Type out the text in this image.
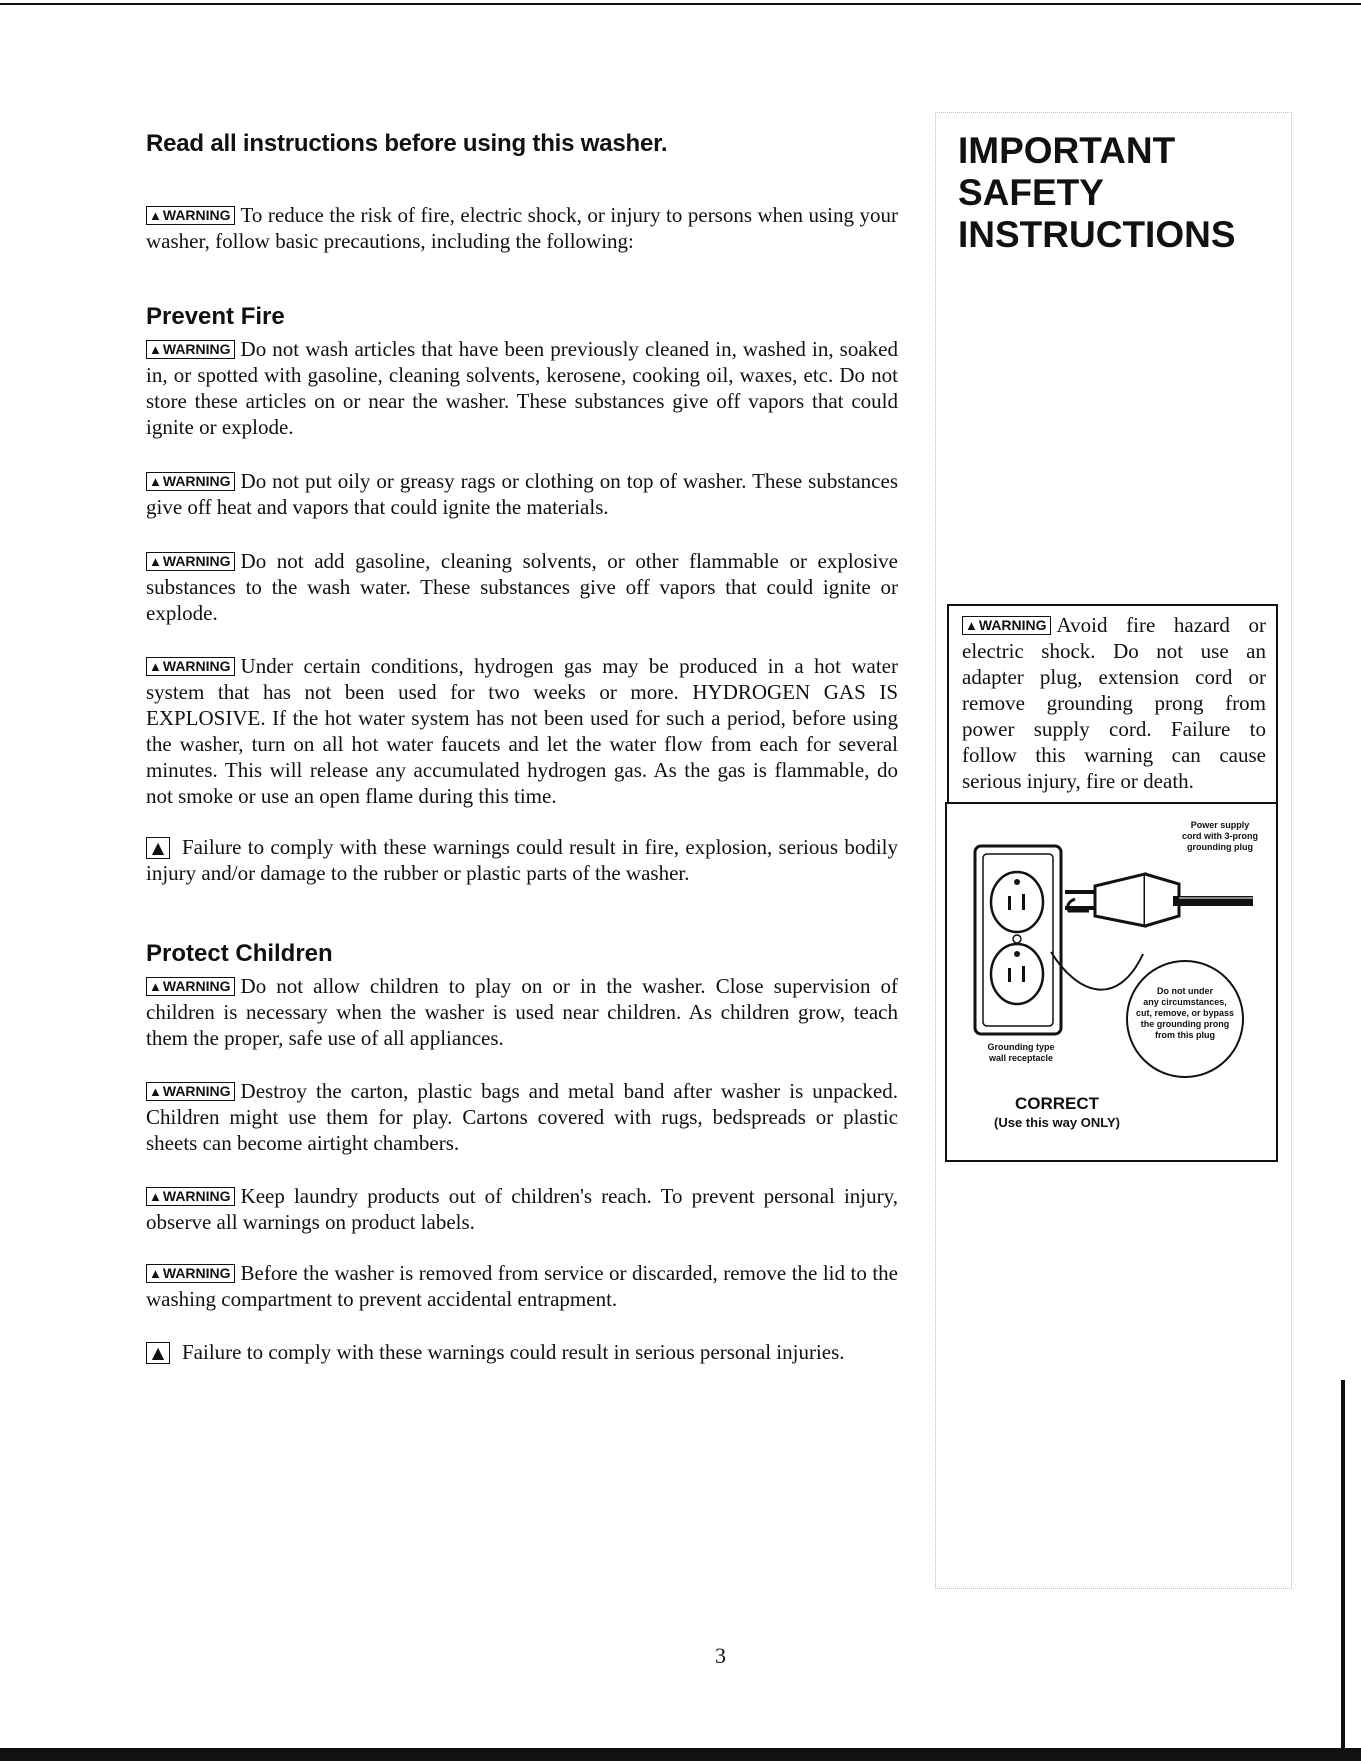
Read all instructions before using this washer.

▲ WARNING To reduce the risk of fire, electric shock, or injury to persons when using your washer, follow basic precautions, including the following:

Prevent Fire

▲ WARNING Do not wash articles that have been previously cleaned in, washed in, soaked in, or spotted with gasoline, cleaning solvents, kerosene, cooking oil, waxes, etc. Do not store these articles on or near the washer. These substances give off vapors that could ignite or explode.

▲ WARNING Do not put oily or greasy rags or clothing on top of washer. These substances give off heat and vapors that could ignite the materials.

▲ WARNING Do not add gasoline, cleaning solvents, or other flammable or explosive substances to the wash water. These substances give off vapors that could ignite or explode.

▲ WARNING Under certain conditions, hydrogen gas may be produced in a hot water system that has not been used for two weeks or more. HYDROGEN GAS IS EXPLOSIVE. If the hot water system has not been used for such a period, before using the washer, turn on all hot water faucets and let the water flow from each for several minutes. This will release any accumulated hydrogen gas. As the gas is flammable, do not smoke or use an open flame during this time.

▲ Failure to comply with these warnings could result in fire, explosion, serious bodily injury and/or damage to the rubber or plastic parts of the washer.

Protect Children

▲ WARNING Do not allow children to play on or in the washer. Close supervision of children is necessary when the washer is used near children. As children grow, teach them the proper, safe use of all appliances.

▲ WARNING Destroy the carton, plastic bags and metal band after washer is unpacked. Children might use them for play. Cartons covered with rugs, bedspreads or plastic sheets can become airtight chambers.

▲ WARNING Keep laundry products out of children's reach. To prevent personal injury, observe all warnings on product labels.

▲ WARNING Before the washer is removed from service or discarded, remove the lid to the washing compartment to prevent accidental entrapment.

▲ Failure to comply with these warnings could result in serious personal injuries.

IMPORTANT
SAFETY
INSTRUCTIONS

▲ WARNING Avoid fire hazard or electric shock. Do not use an adapter plug, extension cord or remove grounding prong from power supply cord. Failure to follow this warning can cause serious injury, fire or death.

Power supply
cord with 3-prong
grounding plug
Do not under
any circumstances,
cut, remove, or bypass
the grounding prong
from this plug
Grounding type
wall receptacle
CORRECT
(Use this way ONLY)
3
